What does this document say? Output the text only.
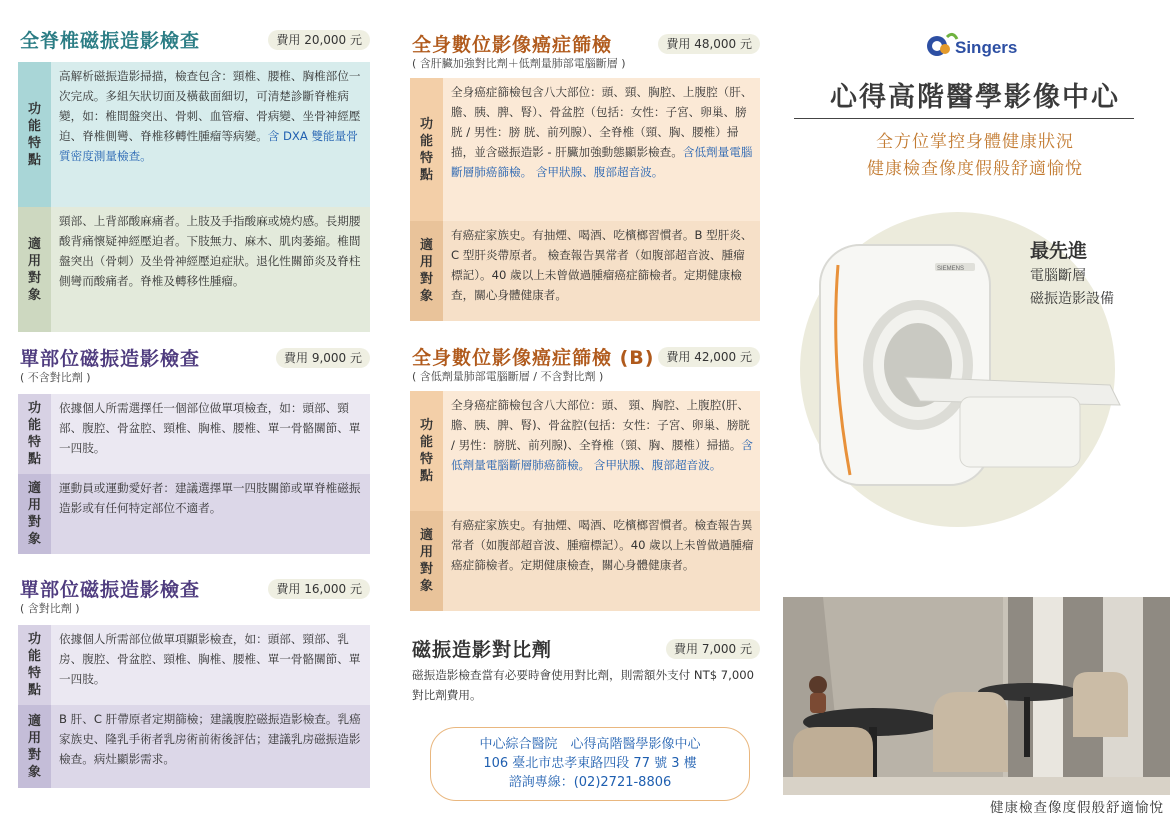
全脊椎磁振造影檢查	費用 20,000 元
功能特點
高解析磁振造影掃描，檢查包含：頸椎、腰椎、胸椎部位一　次完成。多組矢狀切面及橫截面細切，可清楚診斷脊椎病變，如：椎間盤突出、骨刺、血管瘤、骨病變、坐骨神經壓迫、脊椎側彎、脊椎移轉性腫瘤等病變。含 DXA 雙能量骨質密度測量檢查。
適用對象
頸部、上背部酸麻痛者。上肢及手指酸麻或燒灼感。長期腰酸背痛懷疑神經壓迫者。下肢無力、麻木、肌肉萎縮。椎間盤突出（骨刺）及坐骨神經壓迫症狀。退化性關節炎及脊柱側彎而酸痛者。脊椎及轉移性腫瘤。
單部位磁振造影檢查	費用 9,000 元
( 不含對比劑 )
功能特點
依據個人所需選擇任一個部位做單項檢查，如：頭部、頸部、腹腔、骨盆腔、頸椎、胸椎、腰椎、單一骨骼關節、單一四肢。
適用對象
運動員或運動愛好者：建議選擇單一四肢關節或單脊椎磁振造影或有任何特定部位不適者。
單部位磁振造影檢查	費用 16,000 元
( 含對比劑 )
功能特點
依據個人所需部位做單項顯影檢查，如：頭部、頸部、乳房、腹腔、骨盆腔、頸椎、胸椎、腰椎、單一骨骼關節、單一四肢。
適用對象
B 肝、C 肝帶原者定期篩檢；建議腹腔磁振造影檢查。乳癌家族史、隆乳手術者乳房術前術後評估；建議乳房磁振造影檢查。病灶顯影需求。
全身數位影像癌症篩檢	費用 48,000 元
( 含肝臟加強對比劑＋低劑量肺部電腦斷層 )
功能特點
全身癌症篩檢包含八大部位：頭、頸、胸腔、上腹腔（肝、膽、胰、脾、腎）、骨盆腔（包括：女性：子宮、卵巢、膀胱 / 男性：膀 胱、前列腺）、全脊椎（頸、胸、腰椎）掃描，並含磁振造影 - 肝臟加強動態顯影檢查。含低劑量電腦斷層肺癌篩檢。 含甲狀腺、腹部超音波。
適用對象
有癌症家族史。有抽煙、喝酒、吃檳榔習慣者。B 型肝炎、C 型肝炎帶原者。 檢查報告異常者（如腹部超音波、腫瘤標記）。40 歲以上未曾做過腫瘤癌症篩檢者。定期健康檢查，關心身體健康者。
全身數位影像癌症篩檢 (B) 費用 42,000 元
( 含低劑量肺部電腦斷層 / 不含對比劑 )
功能特點
全身癌症篩檢包含八大部位：頭、 頸、胸腔、上腹腔(肝、膽、胰、脾、腎)、骨盆腔(包括：女性：子宮、卵巢、膀胱 / 男性：膀胱、前列腺)、全脊椎（頸、胸、腰椎）掃描。含低劑量電腦斷層肺癌篩檢。 含甲狀腺、腹部超音波。
適用對象
有癌症家族史。有抽煙、喝酒、吃檳榔習慣者。檢查報告異常者（如腹部超音波、腫瘤標記）。40 歲以上未曾做過腫瘤癌症篩檢者。定期健康檢查，關心身體健康者。
磁振造影對比劑	費用 7,000 元
磁振造影檢查當有必要時會使用對比劑，則需額外支付 NT$ 7,000 對比劑費用。
中心綜合醫院　心得高階醫學影像中心
106 臺北市忠孝東路四段 77 號 3 樓
諮詢專線：(02)2721-8806
Singers
心得高階醫學影像中心
全方位掌控身體健康狀況
健康檢查像度假般舒適愉悅
SIEMENS
最先進
電腦斷層
磁振造影設備
健康檢查像度假般舒適愉悅
